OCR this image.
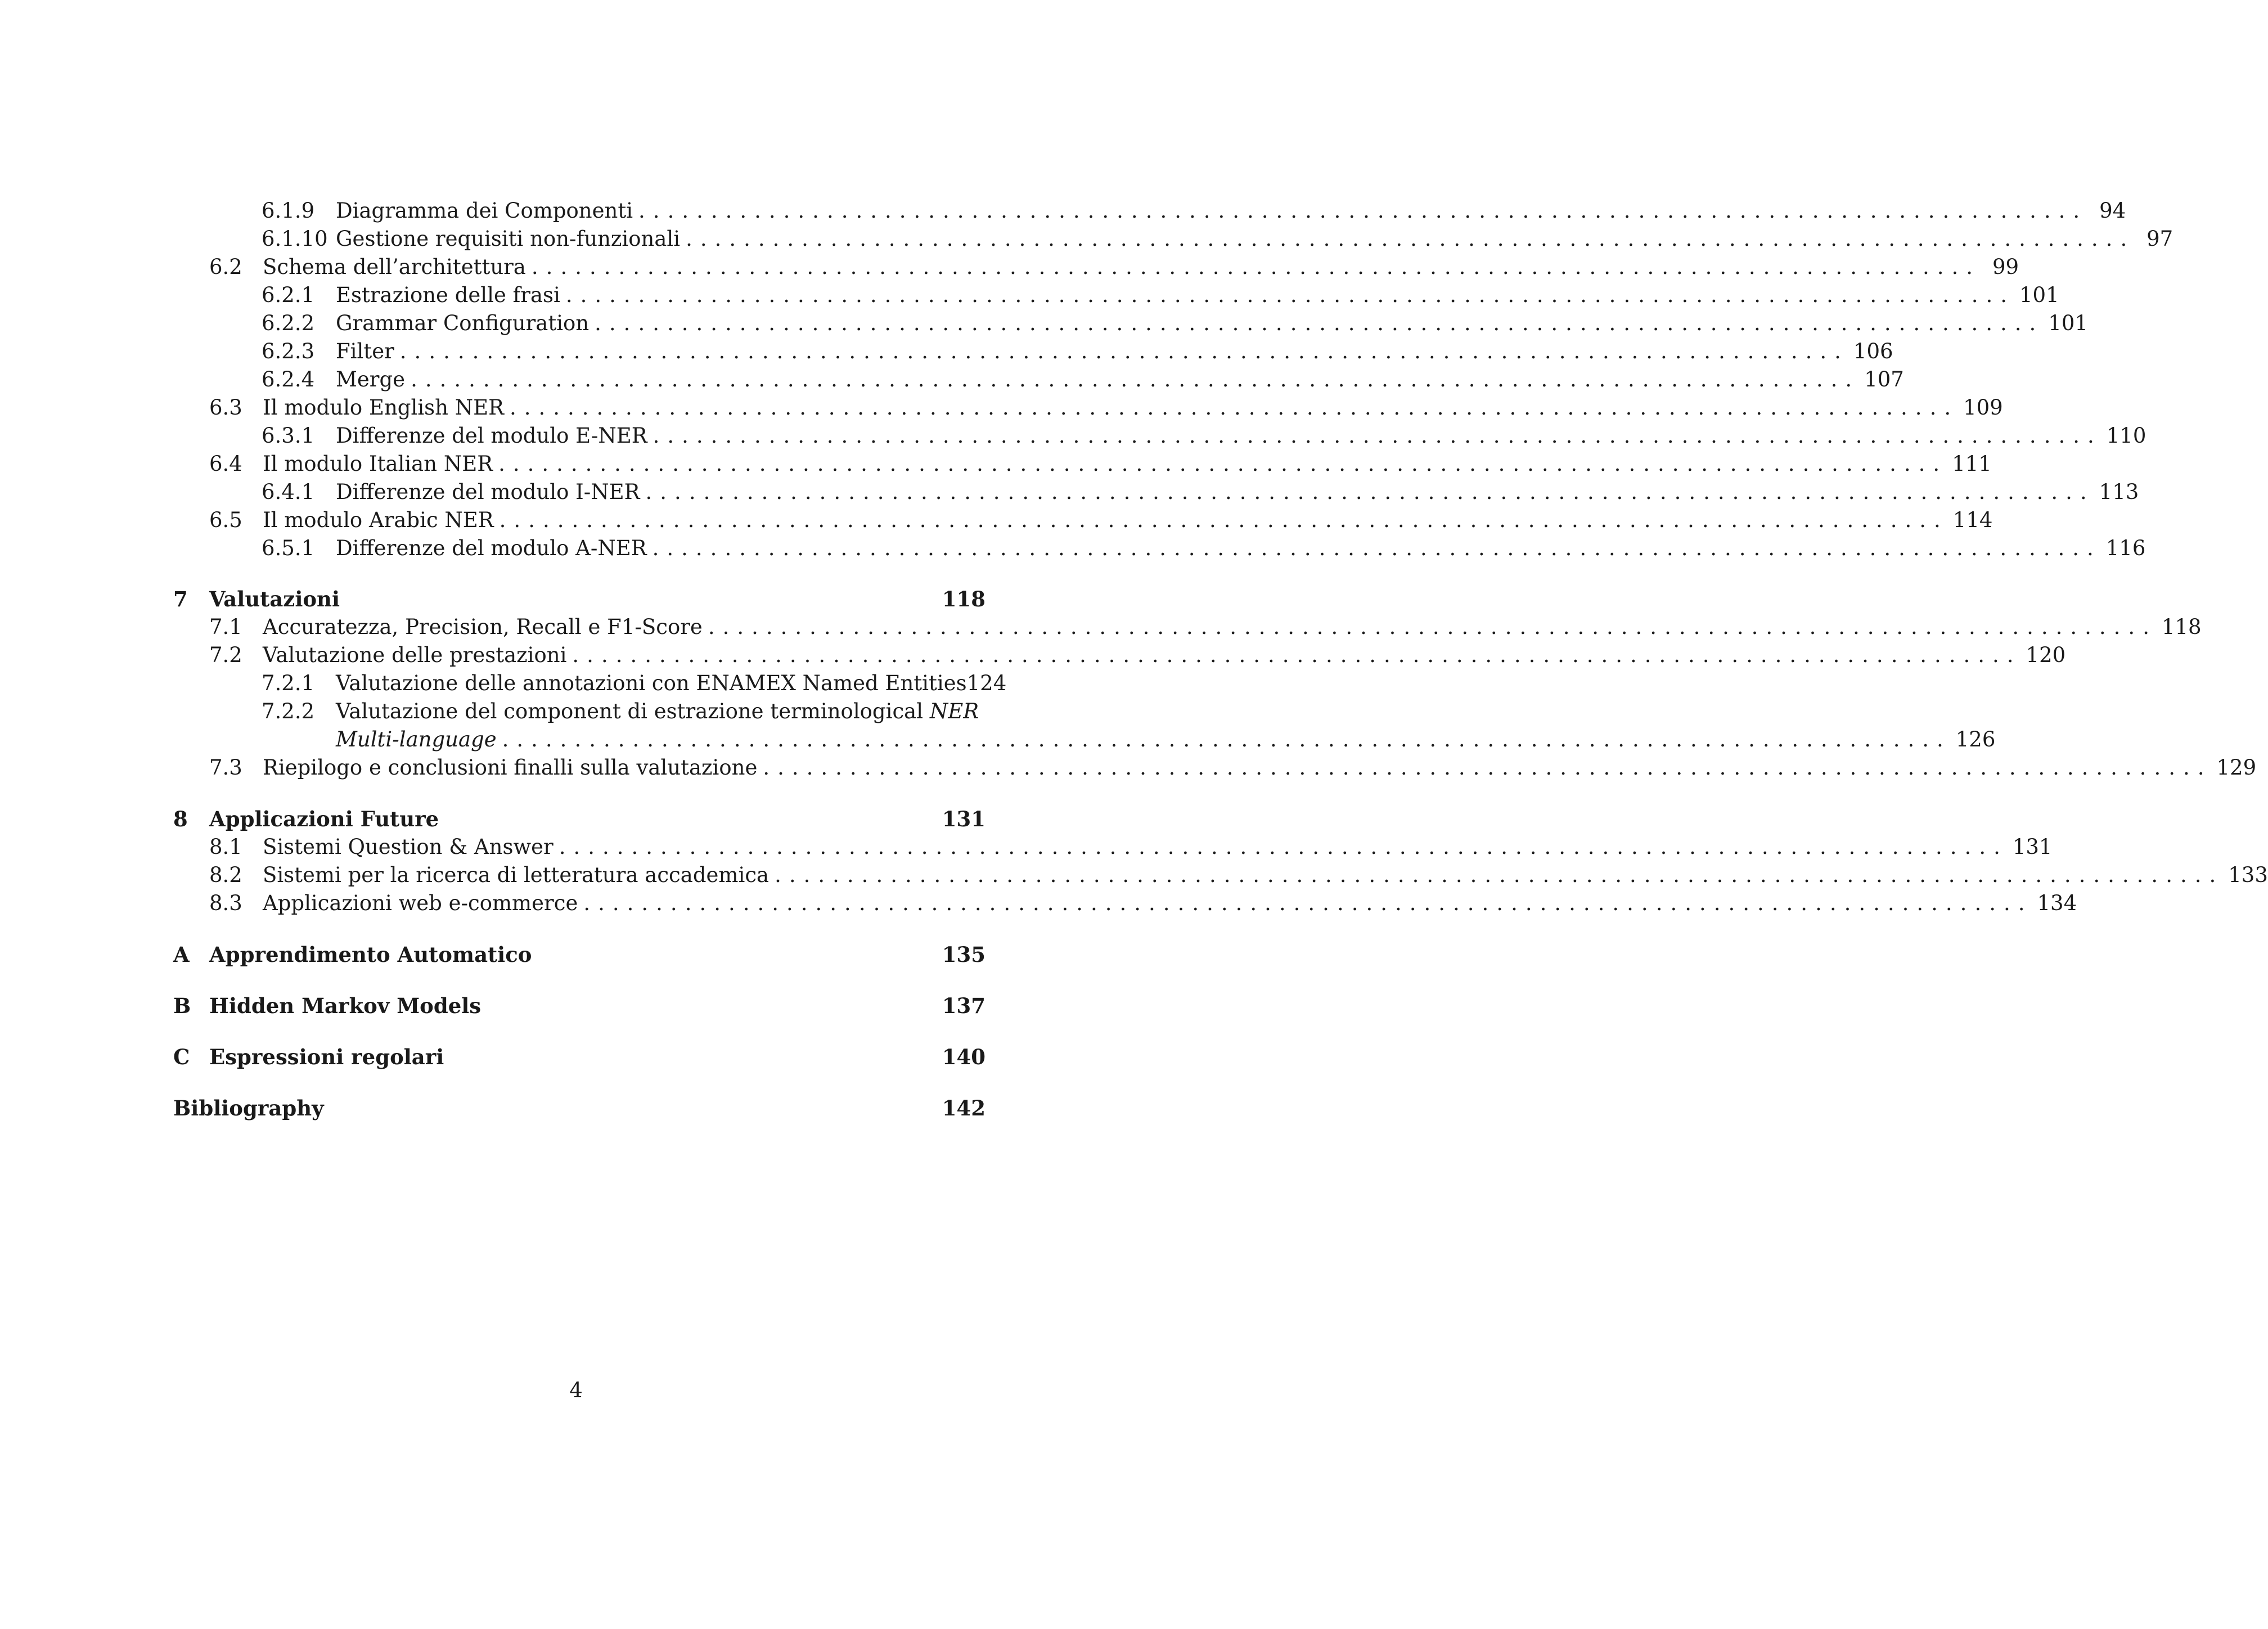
6.1.9	Diagramma dei Componenti .................................................................................................... 94
6.1.10 Gestione requisiti non-funzionali .................................................................................................... 97
6.2 Schema dell’architettura .................................................................................................... 99
6.2.1	Estrazione delle frasi .................................................................................................... 101
6.2.2	Grammar Configuration .................................................................................................... 101
6.2.3	Filter .................................................................................................... 106
6.2.4	Merge .................................................................................................... 107
6.3 Il modulo English NER .................................................................................................... 109
6.3.1	Differenze del modulo E-NER .................................................................................................... 110
6.4 Il modulo Italian NER .................................................................................................... 111
6.4.1	Differenze del modulo I-NER .................................................................................................... 113
6.5 Il modulo Arabic NER .................................................................................................... 114
6.5.1	Differenze del modulo A-NER .................................................................................................... 116
7	Valutazioni	118
7.1 Accuratezza, Precision, Recall e F1-Score .................................................................................................... 118
7.2 Valutazione delle prestazioni .................................................................................................... 120
7.2.1	Valutazione delle annotazioni con ENAMEX Named Entities 124
7.2.2	Valutazione del component di estrazione terminological NER
Multi-language .................................................................................................... 126
7.3 Riepilogo e conclusioni finalli sulla valutazione .................................................................................................... 129
8	Applicazioni Future	131
8.1 Sistemi Question & Answer .................................................................................................... 131
8.2 Sistemi per la ricerca di letteratura accademica .................................................................................................... 133
8.3 Applicazioni web e-commerce .................................................................................................... 134
A Apprendimento Automatico	135
B Hidden Markov Models	137
C Espressioni regolari	140
Bibliography	142
4
